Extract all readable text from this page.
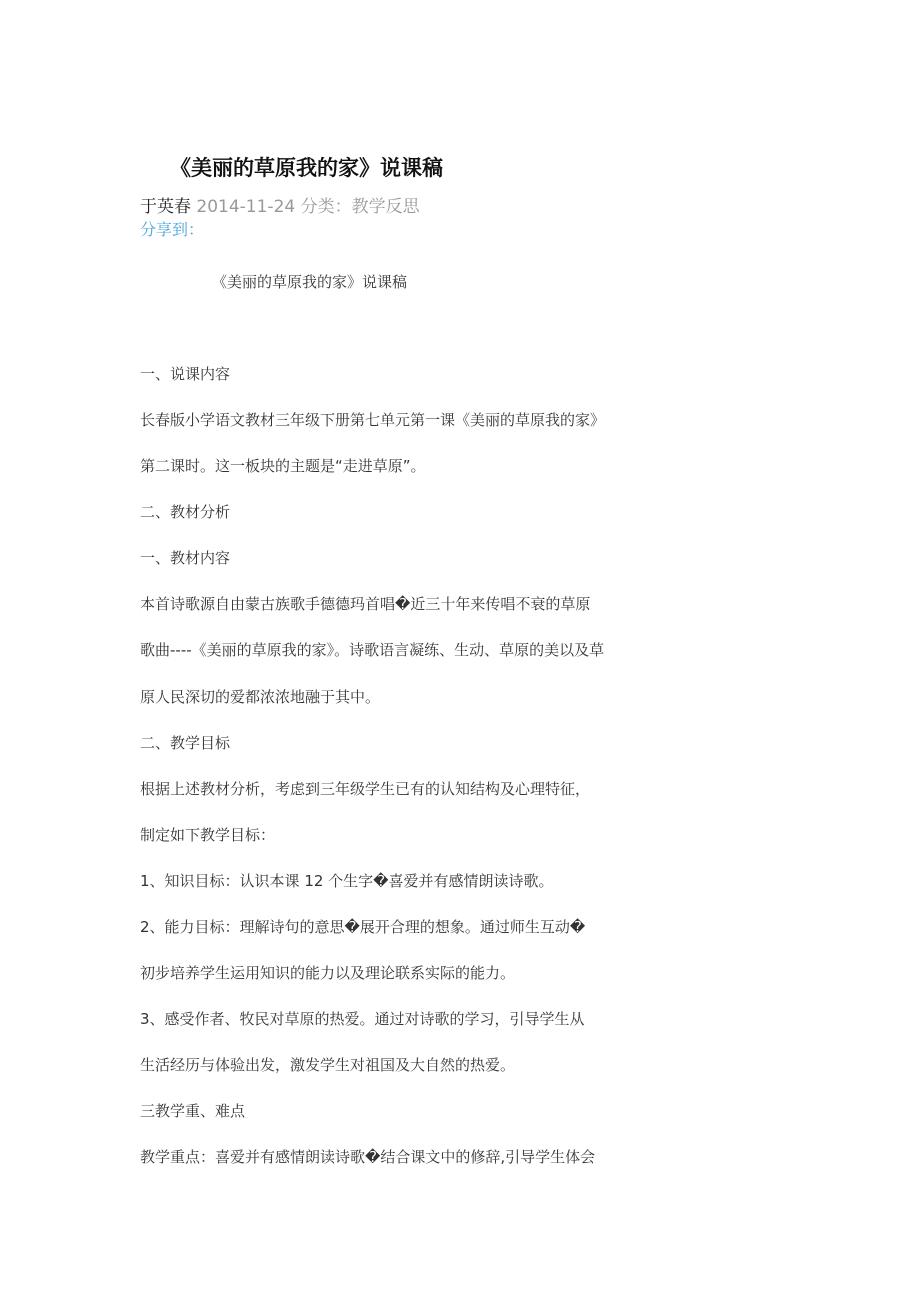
《美丽的草原我的家》说课稿
于英春 2014-11-24 分类：教学反思
分享到：
《美丽的草原我的家》说课稿
一、说课内容
长春版小学语文教材三年级下册第七单元第一课《美丽的草原我的家》
第二课时。这一板块的主题是“走进草原”。
二、教材分析
一、教材内容
本首诗歌源自由蒙古族歌手德德玛首唱�近三十年来传唱不衰的草原
歌曲----《美丽的草原我的家》。诗歌语言凝练、生动、草原的美以及草
原人民深切的爱都浓浓地融于其中。
二、教学目标
根据上述教材分析，考虑到三年级学生已有的认知结构及心理特征，
制定如下教学目标：
1、知识目标：认识本课 12 个生字�喜爱并有感情朗读诗歌。
2、能力目标：理解诗句的意思�展开合理的想象。通过师生互动�
初步培养学生运用知识的能力以及理论联系实际的能力。
3、感受作者、牧民对草原的热爱。通过对诗歌的学习，引导学生从
生活经历与体验出发，激发学生对祖国及大自然的热爱。
三教学重、难点
教学重点：喜爱并有感情朗读诗歌�结合课文中的修辞,引导学生体会
